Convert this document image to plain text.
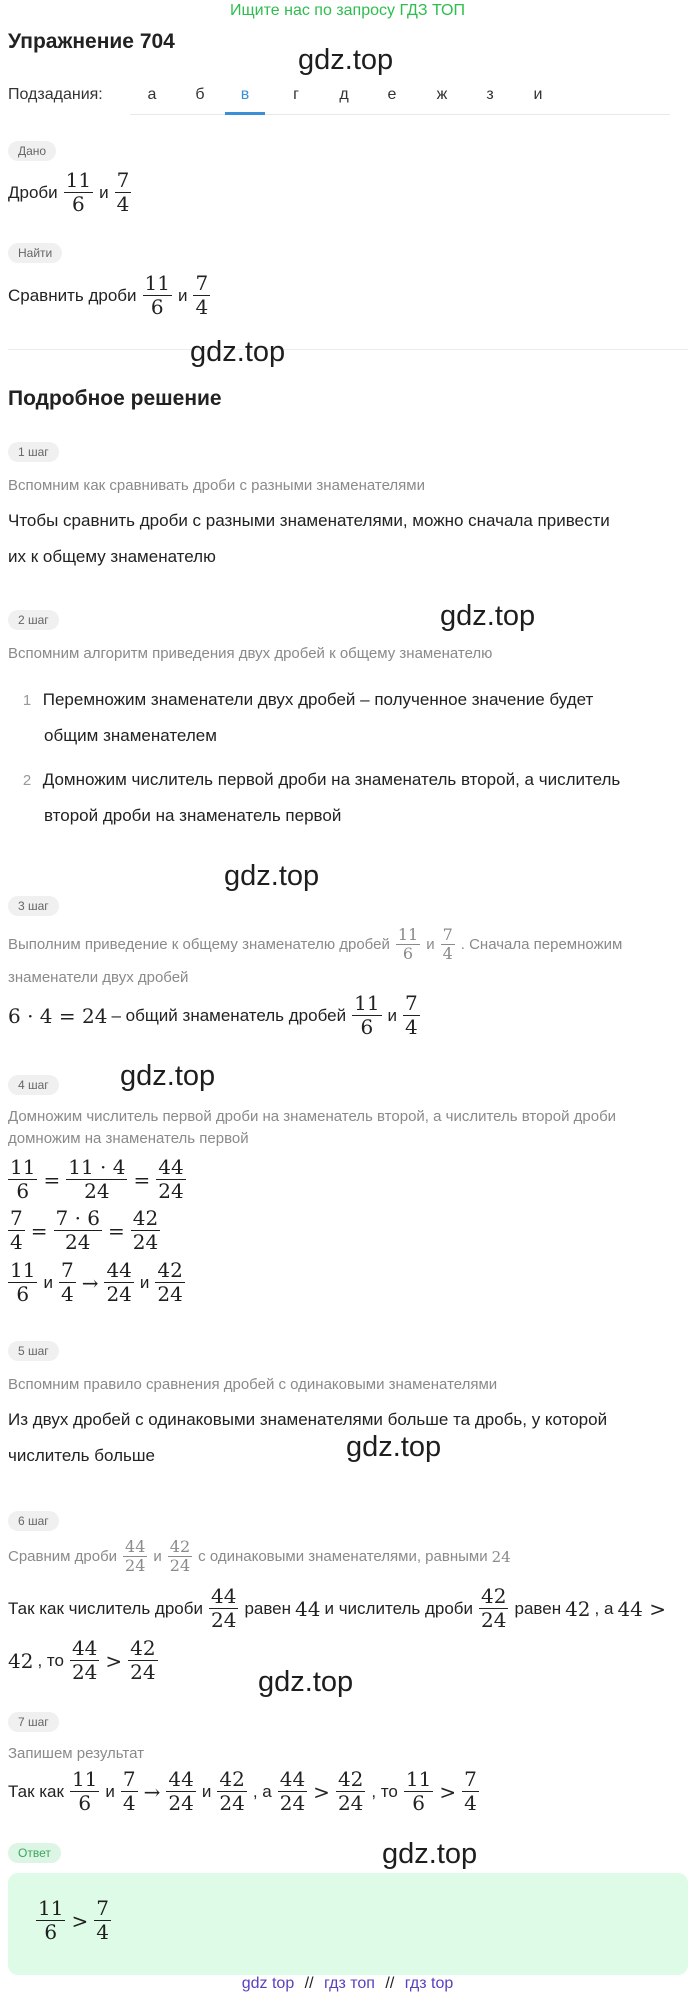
Ищите нас по запросу ГДЗ ТОП
Упражнение 704
gdz.top
Подзадания:	а	б	в	г	д	е	ж	з	и
Дано
Дроби $\frac{11}{6}$ и $\frac{7}{4}$
Найти
Сравнить дроби $\frac{11}{6}$ и $\frac{7}{4}$
gdz.top
Подробное решение
1 шаг
Вспомним как сравнивать дроби с разными знаменателями
Чтобы сравнить дроби с разными знаменателями, можно сначала привести
их к общему знаменателю
2 шаг	gdz.top
Вспомним алгоритм приведения двух дробей к общему знаменателю
1 Перемножим знаменатели двух дробей – полученное значение будет
общим знаменателем
2 Домножим числитель первой дроби на знаменатель второй, а числитель
второй дроби на знаменатель первой
gdz.top
3 шаг
Выполним приведение к общему знаменателю дробей $\frac{11}{6}$ и $\frac{7}{4}$ . Сначала перемножим
знаменатели двух дробей
6 · 4 = 24 – общий знаменатель дробей $\frac{11}{6}$ и $\frac{7}{4}$
gdz.top
4 шаг
Домножим числитель первой дроби на знаменатель второй, а числитель второй дроби
домножим на знаменатель первой
$\frac{11}{6} = \frac{11 \cdot 4}{24} = \frac{44}{24}$
$\frac{7}{4} = \frac{7 \cdot 6}{24} = \frac{42}{24}$
$\frac{11}{6}$ и $\frac{7}{4} \to \frac{44}{24}$ и $\frac{42}{24}$
5 шаг
Вспомним правило сравнения дробей с одинаковыми знаменателями
Из двух дробей с одинаковыми знаменателями больше та дробь, у которой
числитель больше	gdz.top
6 шаг
Сравним дроби $\frac{44}{24}$ и $\frac{42}{24}$ с одинаковыми знаменателями, равными 24
Так как числитель дроби $\frac{44}{24}$ равен 44 и числитель дроби $\frac{42}{24}$ равен 42 , а 44 >
42 , то $\frac{44}{24} > \frac{42}{24}$	gdz.top
7 шаг
Запишем результат
Так как $\frac{11}{6}$ и $\frac{7}{4} \to \frac{44}{24}$ и $\frac{42}{24}$ , а $\frac{44}{24} > \frac{42}{24}$ , то $\frac{11}{6} > \frac{7}{4}$
Ответ	gdz.top
$\frac{11}{6} > \frac{7}{4}$
gdz top // гдз топ // гдз top
